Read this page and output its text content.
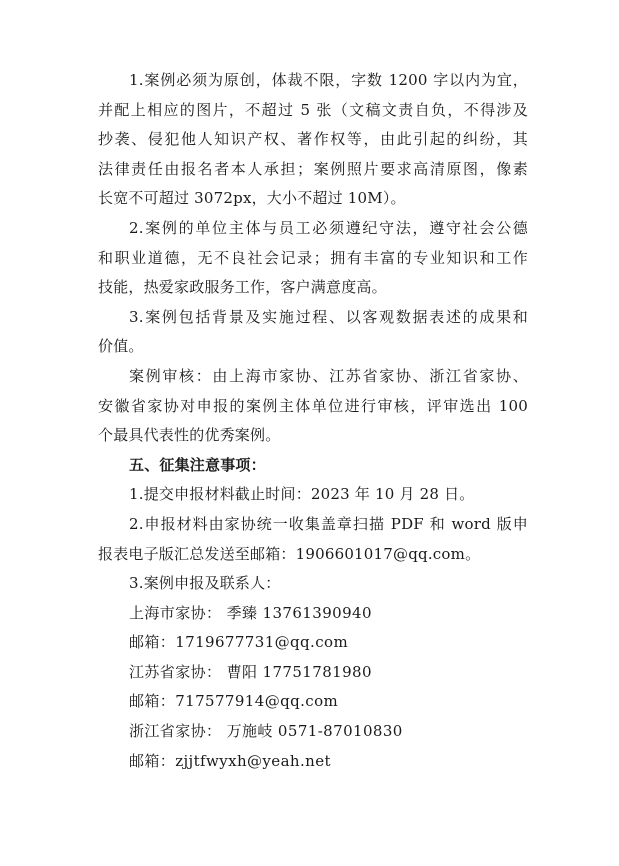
1.案例必须为原创，体裁不限，字数 1200 字以内为宜，
并配上相应的图片，不超过 5 张（文稿文责自负，不得涉及
抄袭、侵犯他人知识产权、著作权等，由此引起的纠纷，其
法律责任由报名者本人承担；案例照片要求高清原图，像素
长宽不可超过 3072px，大小不超过 10M）。
2.案例的单位主体与员工必须遵纪守法，遵守社会公德
和职业道德，无不良社会记录；拥有丰富的专业知识和工作
技能，热爱家政服务工作，客户满意度高。
3.案例包括背景及实施过程、以客观数据表述的成果和
价值。
案例审核：由上海市家协、江苏省家协、浙江省家协、
安徽省家协对申报的案例主体单位进行审核，评审选出 100
个最具代表性的优秀案例。
五、征集注意事项：
1.提交申报材料截止时间：2023 年 10 月 28 日。
2.申报材料由家协统一收集盖章扫描 PDF 和 word 版申
报表电子版汇总发送至邮箱：1906601017@qq.com。
3.案例申报及联系人：
上海市家协： 季臻 13761390940
邮箱：1719677731@qq.com
江苏省家协： 曹阳 17751781980
邮箱：717577914@qq.com
浙江省家协： 万施岐 0571-87010830
邮箱：zjjtfwyxh@yeah.net
